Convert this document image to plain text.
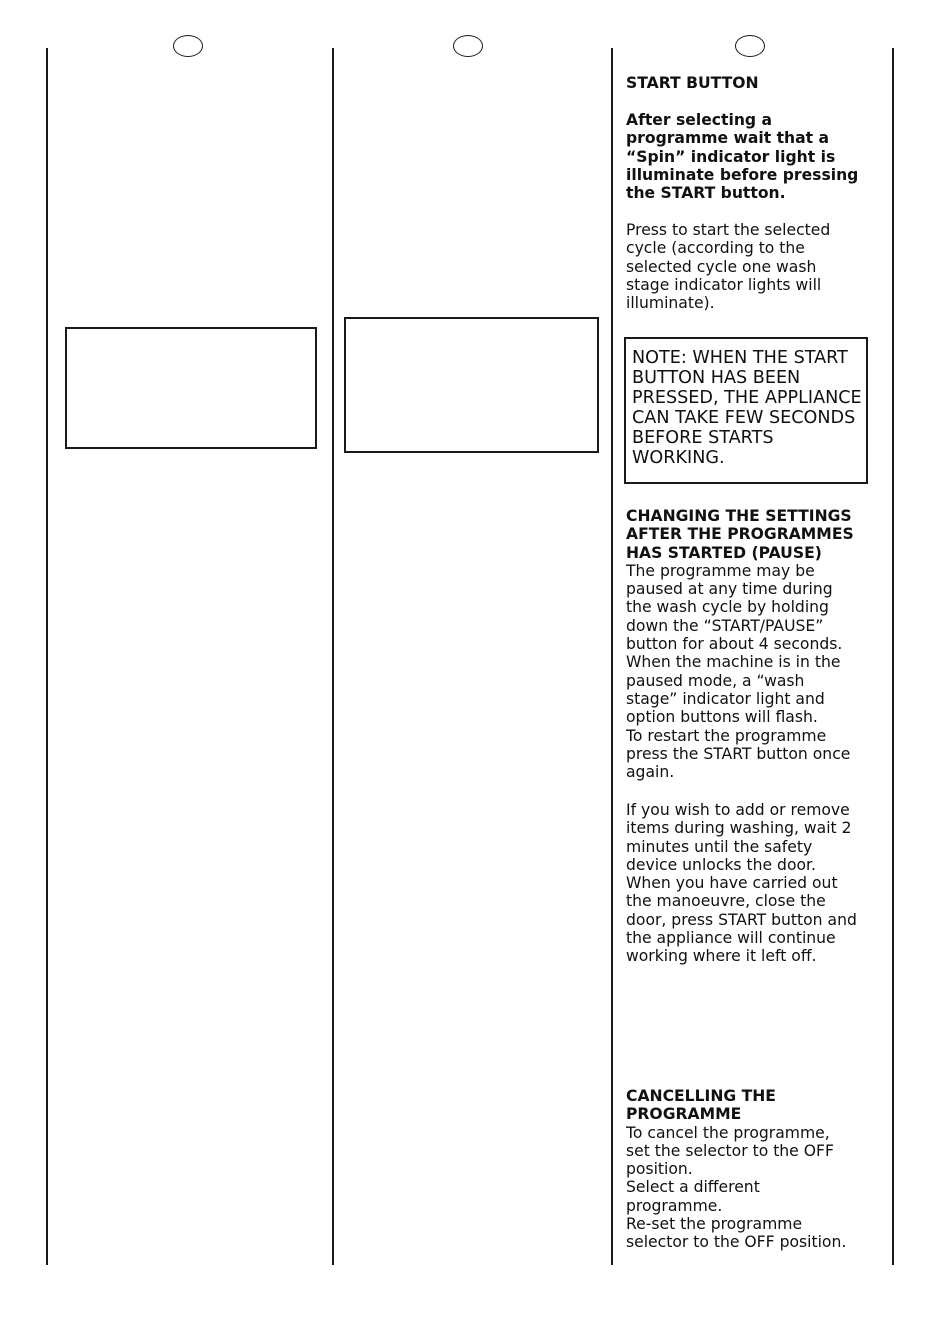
START BUTTON

After selecting a
programme wait that a
“Spin” indicator light is
illuminate before pressing
the START button.

Press to start the selected
cycle (according to the
selected cycle one wash
stage indicator lights will
illuminate).

NOTE: WHEN THE START
BUTTON HAS BEEN
PRESSED, THE APPLIANCE
CAN TAKE FEW SECONDS
BEFORE STARTS
WORKING.

CHANGING THE SETTINGS
AFTER THE PROGRAMMES
HAS STARTED (PAUSE)

The programme may be
paused at any time during
the wash cycle by holding
down the “START/PAUSE”
button for about 4 seconds.
When the machine is in the
paused mode, a “wash
stage” indicator light and
option buttons will flash.
To restart the programme
press the START button once
again.

If you wish to add or remove
items during washing, wait 2
minutes until the safety
device unlocks the door.
When you have carried out
the manoeuvre, close the
door, press START button and
the appliance will continue
working where it left off.

CANCELLING THE
PROGRAMME

To cancel the programme,
set the selector to the OFF
position.
Select a different
programme.
Re-set the programme
selector to the OFF position.
